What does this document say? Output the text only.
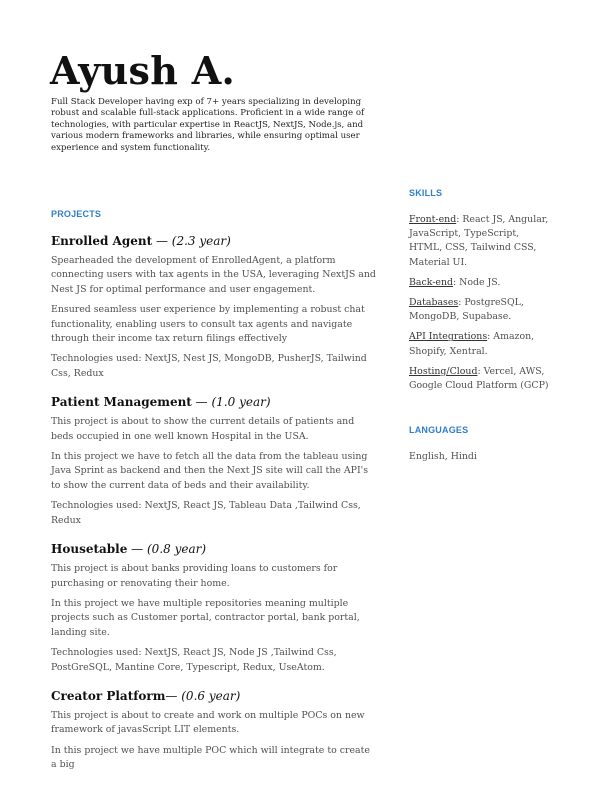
Ayush A.

Full Stack Developer having exp of 7+ years specializing in developing robust and scalable full-stack applications. Proficient in a wide range of technologies, with particular expertise in ReactJS, NextJS, Node.js, and various modern frameworks and libraries, while ensuring optimal user experience and system functionality.

PROJECTS

Enrolled Agent — (2.3 year)

Spearheaded the development of EnrolledAgent, a platform connecting users with tax agents in the USA, leveraging NextJS and Nest JS for optimal performance and user engagement.

Ensured seamless user experience by implementing a robust chat functionality, enabling users to consult tax agents and navigate through their income tax return filings effectively

Technologies used: NextJS, Nest JS, MongoDB, PusherJS, Tailwind Css, Redux

Patient Management — (1.0 year)

This project is about to show the current details of patients and beds occupied in one well known Hospital in the USA.

In this project we have to fetch all the data from the tableau using Java Sprint as backend and then the Next JS site will call the API's to show the current data of beds and their availability.

Technologies used: NextJS, React JS, Tableau Data ,Tailwind Css, Redux

Housetable — (0.8 year)

This project is about banks providing loans to customers for purchasing or renovating their home.

In this project we have multiple repositories meaning multiple projects such as Customer portal, contractor portal, bank portal, landing site.

Technologies used: NextJS, React JS, Node JS ,Tailwind Css, PostGreSQL, Mantine Core, Typescript, Redux, UseAtom.

Creator Platform— (0.6 year)

This project is about to create and work on multiple POCs on new framework of javasScript LIT elements.

In this project we have multiple POC which will integrate to create a big

SKILLS

Front-end: React JS, Angular, JavaScript, TypeScript, HTML, CSS, Tailwind CSS, Material UI.

Back-end: Node JS.

Databases: PostgreSQL, MongoDB, Supabase.

API Integrations: Amazon, Shopify, Xentral.

Hosting/Cloud: Vercel, AWS, Google Cloud Platform (GCP)

LANGUAGES

English, Hindi
